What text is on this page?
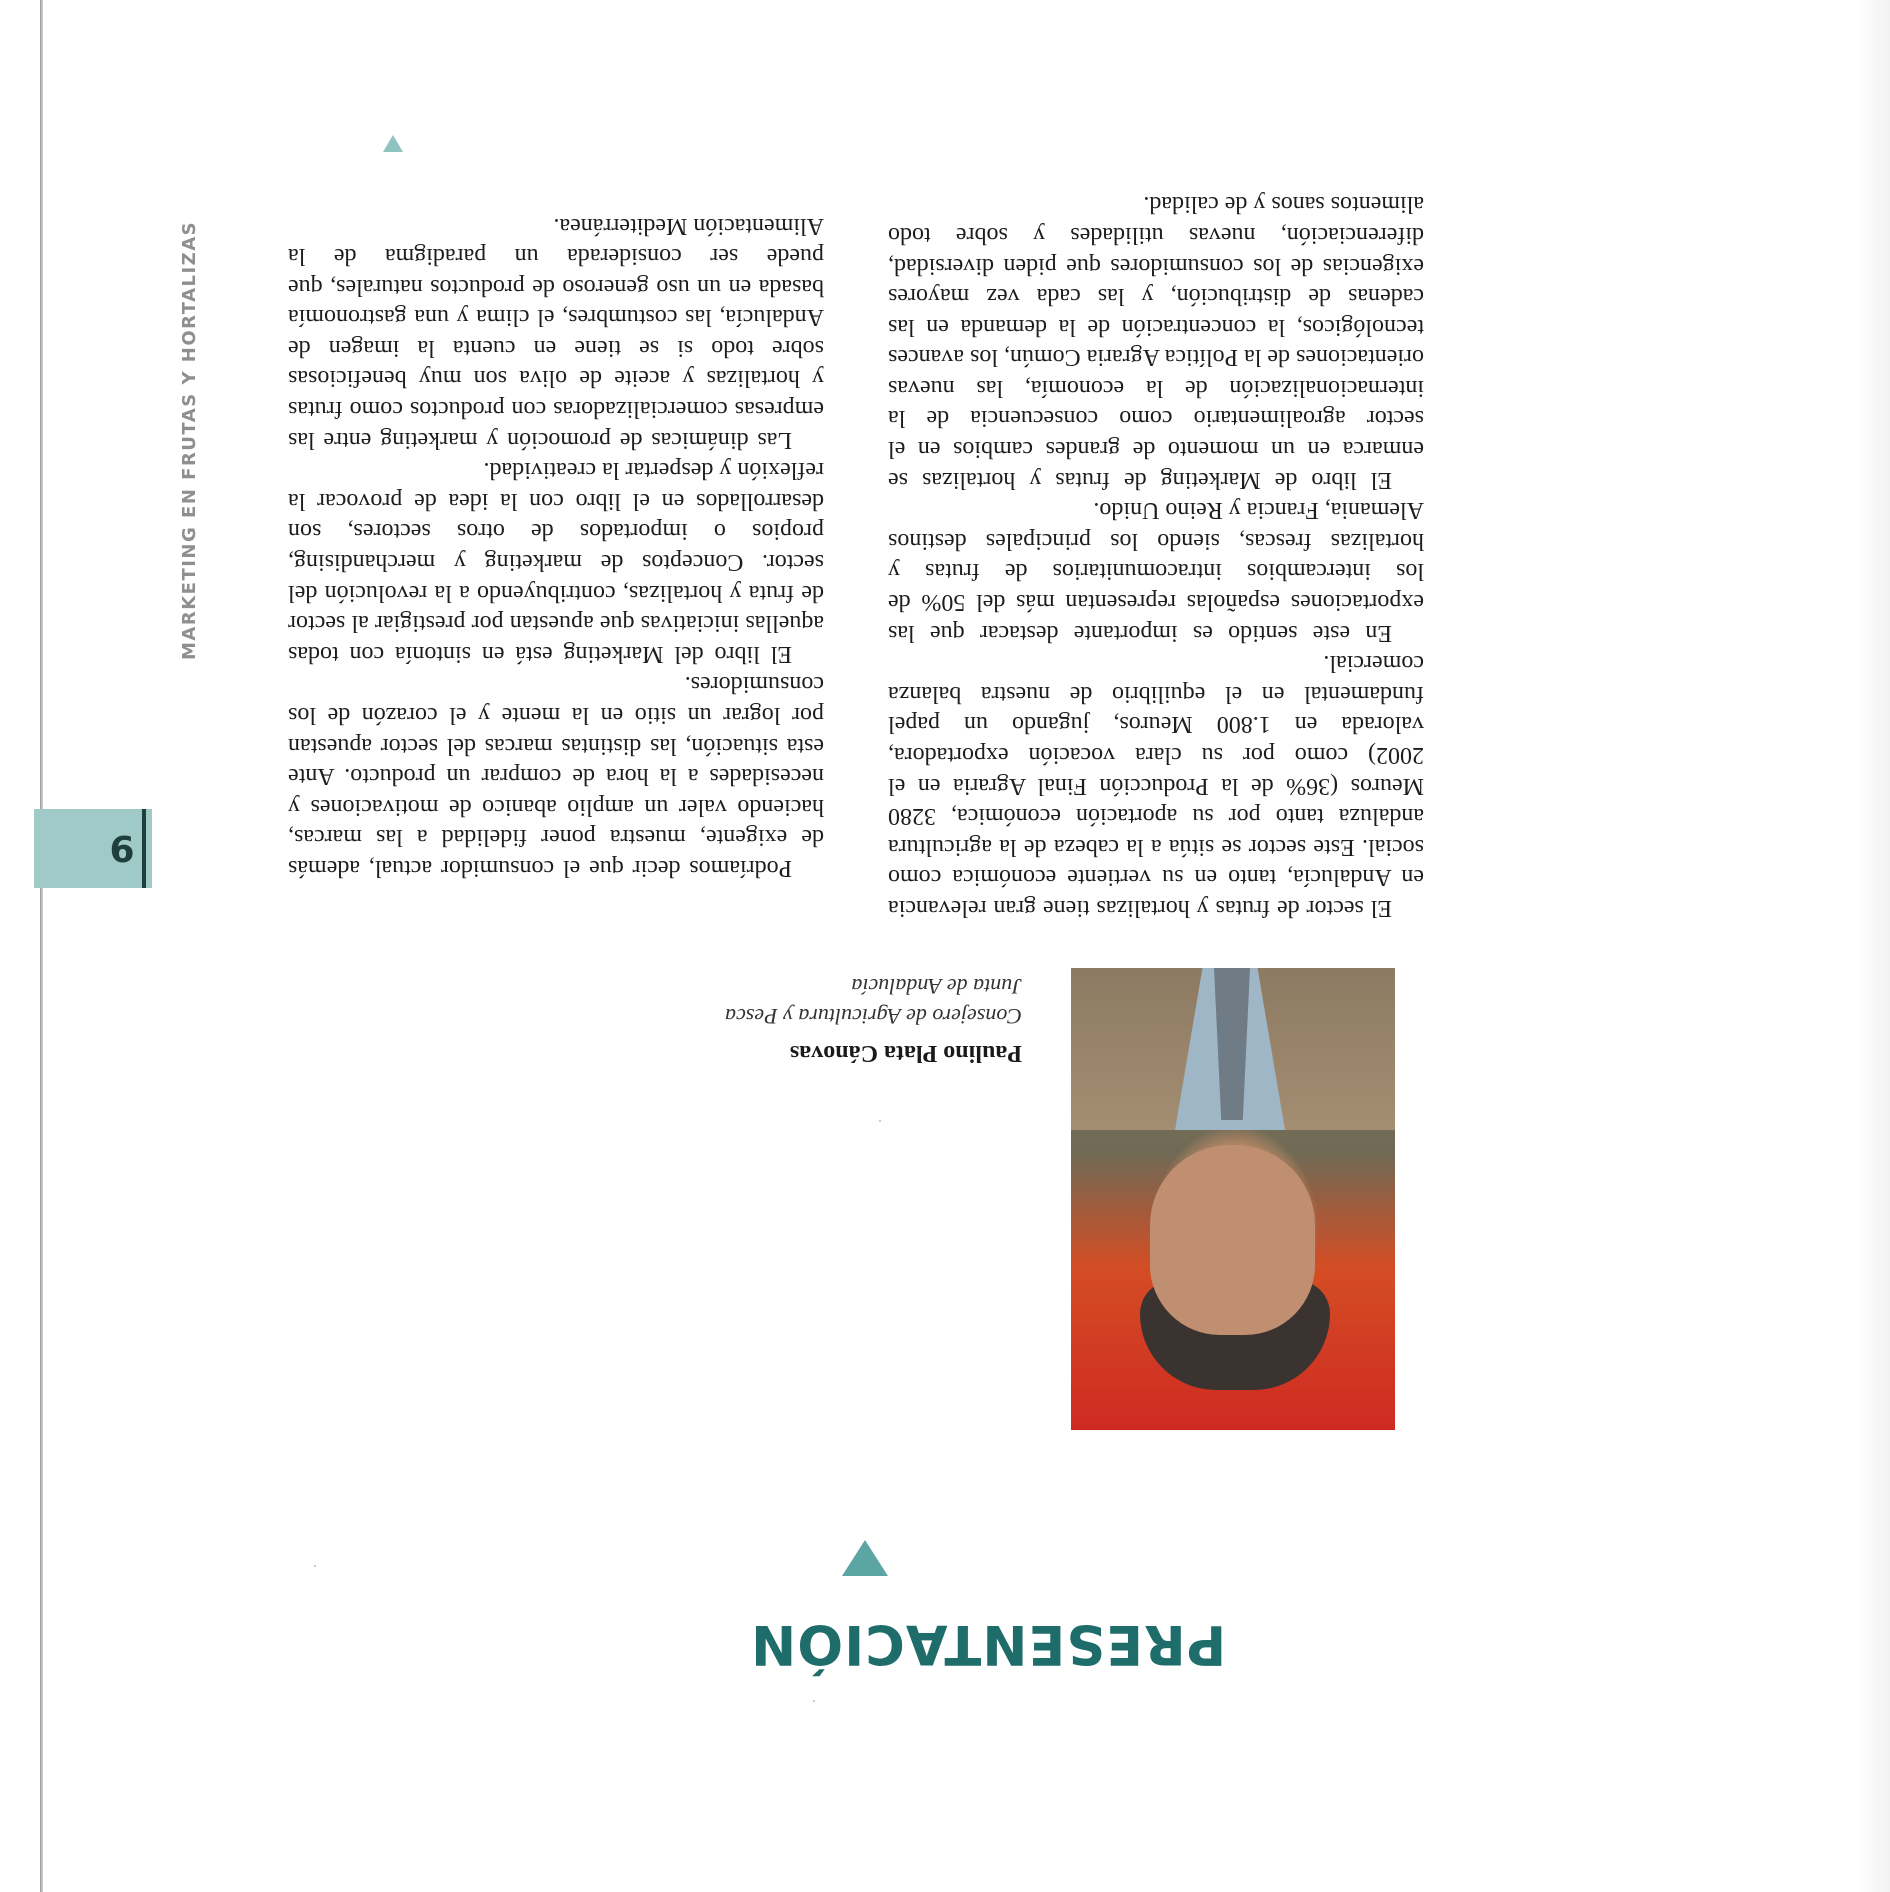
PRESENTACIÓN

Paulino Plata Cánovas

Consejero de Agricultura y Pesca
Junta de Andalucía

El sector de frutas y hortalizas tiene gran relevancia en Andalucía, tanto en su vertiente económica como social. Este sector se sitúa a la cabeza de la agricultura andaluza tanto por su aportación económica, 3280 Meuros (36% de la Producción Final Agraria en el 2002) como por su clara vocación exportadora, valorada en 1.800 Meuros, jugando un papel fundamental en el equilibrio de nuestra balanza comercial.

En este sentido es importante destacar que las exportaciones españolas representan más del 50% de los intercambios intracomunitarios de frutas y hortalizas frescas, siendo los principales destinos Alemania, Francia y Reino Unido.

El libro de Marketing de frutas y hortalizas se enmarca en un momento de grandes cambios en el sector agroalimentario como consecuencia de la internacionalización de la economía, las nuevas orientaciones de la Política Agraria Común, los avances tecnológicos, la concentración de la demanda en las cadenas de distribución, y las cada vez mayores exigencias de los consumidores que piden diversidad, diferenciación, nuevas utilidades y sobre todo alimentos sanos y de calidad.

Podríamos decir que el consumidor actual, además de exigente, muestra poner fidelidad a las marcas, haciendo valer un amplio abanico de motivaciones y necesidades a la hora de comprar un producto. Ante esta situación, las distintas marcas del sector apuestan por lograr un sitio en la mente y el corazón de los consumidores.

El libro del Marketing está en sintonía con todas aquellas iniciativas que apuestan por prestigiar al sector de fruta y hortalizas, contribuyendo a la revolución del sector. Conceptos de marketing y merchandising, propios o importados de otros sectores, son desarrollados en el libro con la idea de provocar la reflexión y despertar la creatividad.

Las dinámicas de promoción y marketing entre las empresas comercializadoras con productos como frutas y hortalizas y aceite de oliva son muy beneficiosas sobre todo si se tiene en cuenta la imagen de Andalucía, las costumbres, el clima y una gastronomía basada en un uso generoso de productos naturales, que puede ser considerada un paradigma de la Alimentación Mediterránea.

9
MARKETING EN FRUTAS Y HORTALIZAS
